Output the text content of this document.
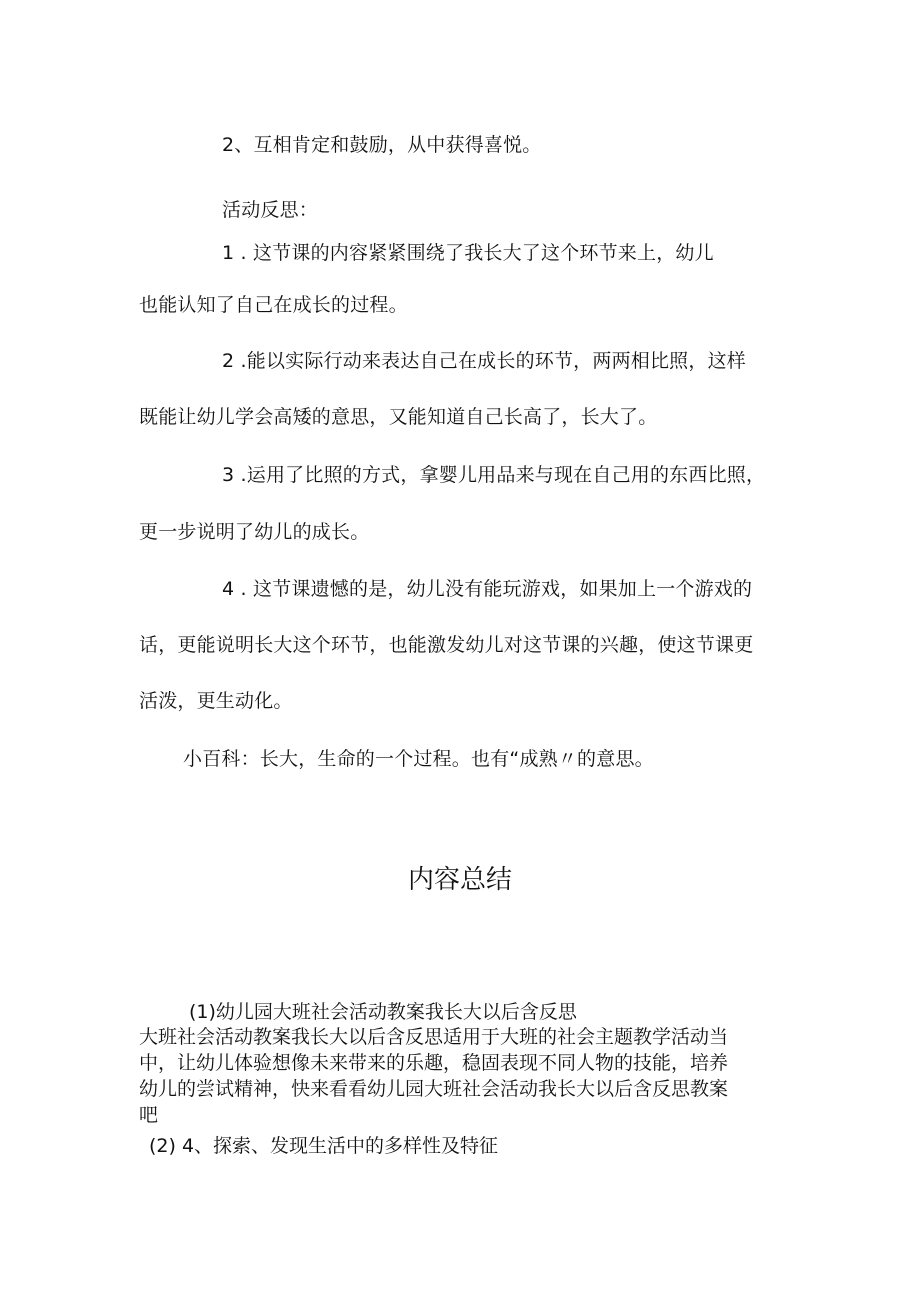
2、互相肯定和鼓励，从中获得喜悦。
活动反思：
1 . 这节课的内容紧紧围绕了我长大了这个环节来上，幼儿
也能认知了自己在成长的过程。
2 .能以实际行动来表达自己在成长的环节，两两相比照，这样
既能让幼儿学会高矮的意思，又能知道自己长高了，长大了。
3 .运用了比照的方式，拿婴儿用品来与现在自己用的东西比照，
更一步说明了幼儿的成长。
4 . 这节课遗憾的是，幼儿没有能玩游戏，如果加上一个游戏的
话，更能说明长大这个环节，也能激发幼儿对这节课的兴趣，使这节课更
活泼，更生动化。
小百科：长大，生命的一个过程。也有“成熟〃的意思。
内容总结
(1)幼儿园大班社会活动教案我长大以后含反思
大班社会活动教案我长大以后含反思适用于大班的社会主题教学活动当
中，让幼儿体验想像未来带来的乐趣，稳固表现不同人物的技能，培养
幼儿的尝试精神，快来看看幼儿园大班社会活动我长大以后含反思教案
吧
(2) 4、探索、发现生活中的多样性及特征
